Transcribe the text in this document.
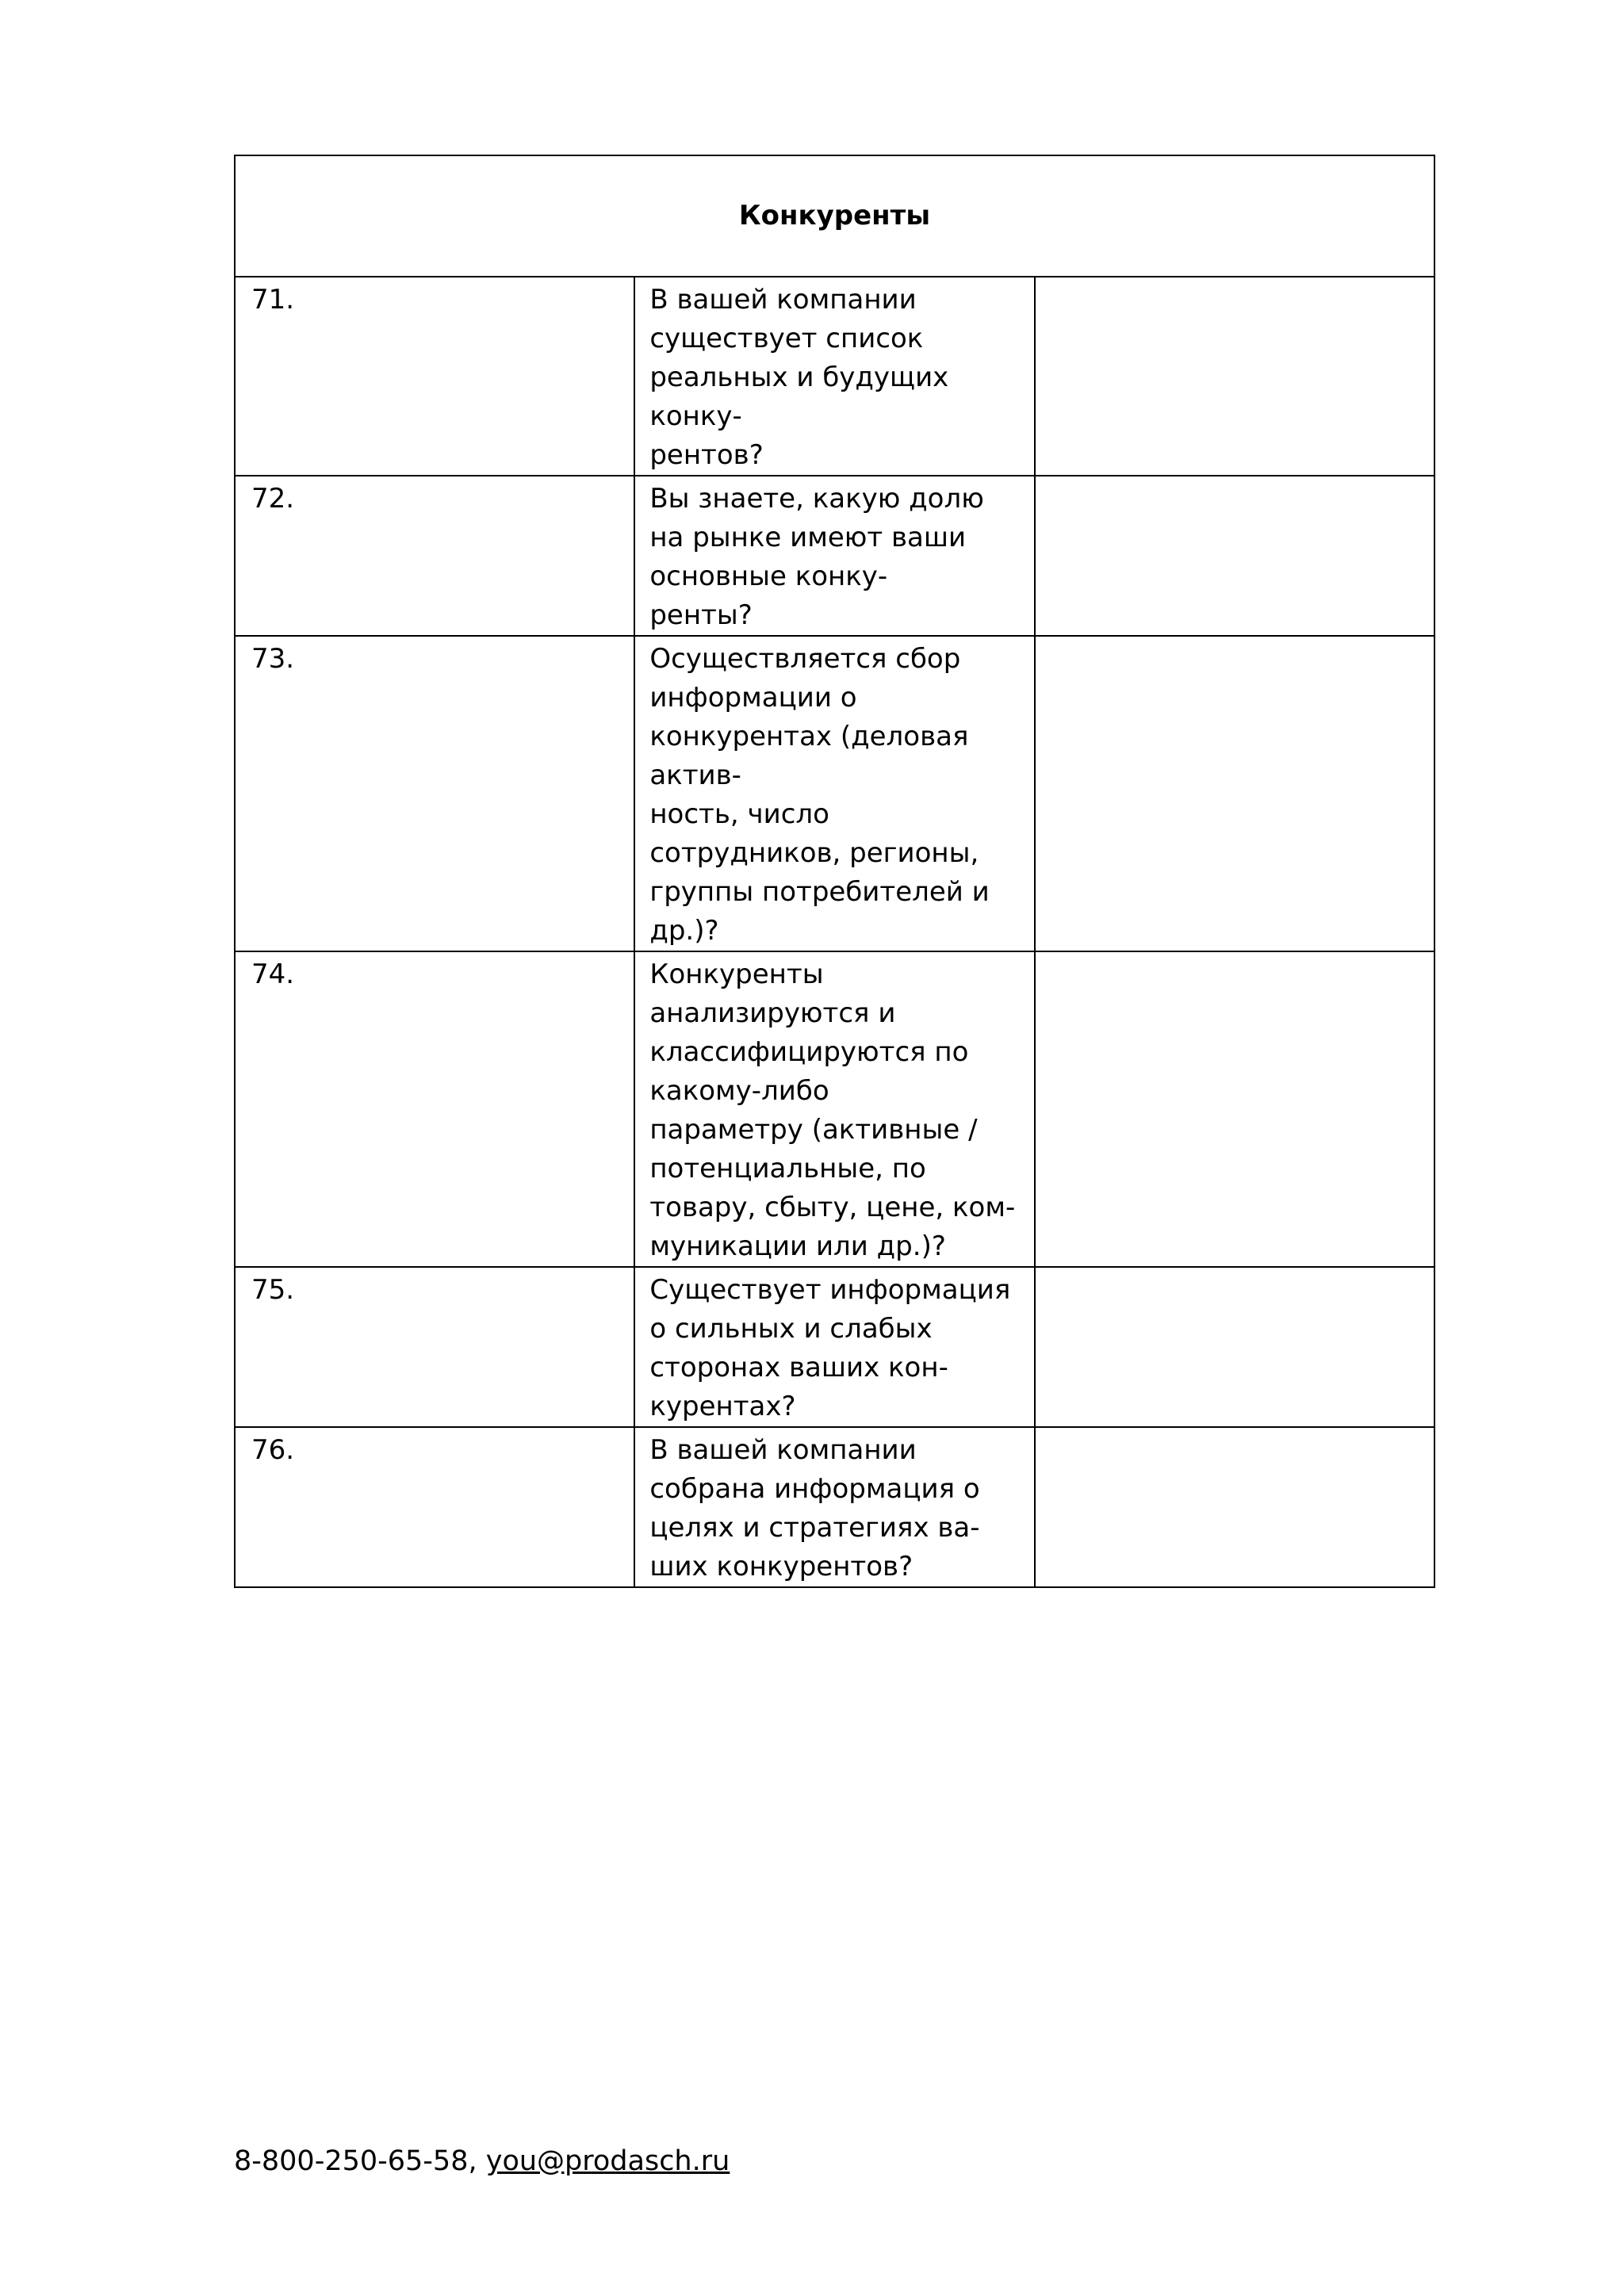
Конкуренты		
71.	В вашей компании существует список реальных и будущих конку-
рентов?	

72.	Вы знаете, какую долю на рынке имеют ваши основные конку-
ренты?	

73.	Осуществляется сбор информации о конкурентах (деловая актив-
ность, число сотрудников, регионы, группы потребителей и др.)?	

74.	Конкуренты анализируются и классифицируются по какому-либо
параметру (активные / потенциальные, по товару, сбыту, цене, ком-
муникации или др.)?	

75.	Существует информация о сильных и слабых сторонах ваших кон-
курентах?	

76.	В вашей компании собрана информация о целях и стратегиях ва-
ших конкурентов?	

8-800-250-65-58, you@prodasch.ru
